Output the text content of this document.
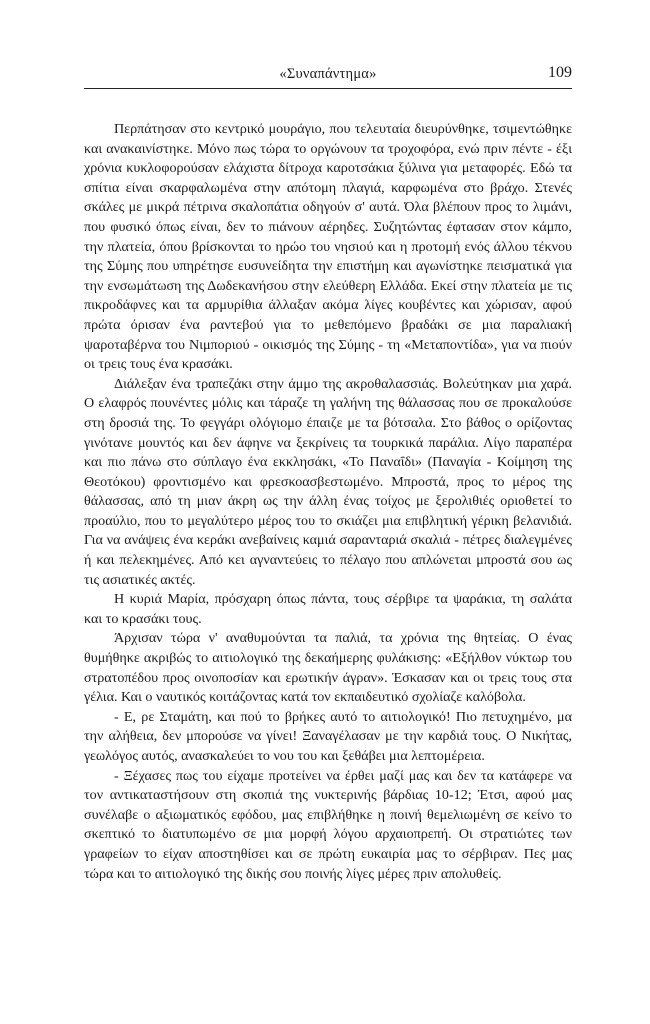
«Συναπάντημα»	109

Περπάτησαν στο κεντρικό μουράγιο, που τελευταία διευρύνθηκε, τσιμεντώθηκε και ανακαινίστηκε. Μόνο πως τώρα το οργώνουν τα τροχοφόρα, ενώ πριν πέντε - έξι χρόνια κυκλοφορούσαν ελάχιστα δίτροχα καροτσάκια ξύλινα για μεταφορές. Εδώ τα σπίτια είναι σκαρφαλωμένα στην απότομη πλαγιά, καρφωμένα στο βράχο. Στενές σκάλες με μικρά πέτρινα σκαλοπάτια οδηγούν σ' αυτά. Όλα βλέπουν προς το λιμάνι, που φυσικό όπως είναι, δεν το πιάνουν αέρηδες. Συζητώντας έφτασαν στον κάμπο, την πλατεία, όπου βρίσκονται το ηρώο του νησιού και η προτομή ενός άλλου τέκνου της Σύμης που υπηρέτησε ευσυνείδητα την επιστήμη και αγωνίστηκε πεισματικά για την ενσωμάτωση της Δωδεκανήσου στην ελεύθερη Ελλάδα. Εκεί στην πλατεία με τις πικροδάφνες και τα αρμυρίθια άλλαξαν ακόμα λίγες κουβέντες και χώρισαν, αφού πρώτα όρισαν ένα ραντεβού για το μεθεπόμενο βραδάκι σε μια παραλιακή ψαροταβέρνα του Νιμποριού - οικισμός της Σύμης - τη «Μεταποντίδα», για να πιούν οι τρεις τους ένα κρασάκι.

Διάλεξαν ένα τραπεζάκι στην άμμο της ακροθαλασσιάς. Βολεύτηκαν μια χαρά. Ο ελαφρός πουνέντες μόλις και τάραζε τη γαλήνη της θάλασσας που σε προκαλούσε στη δροσιά της. Το φεγγάρι ολόγιομο έπαιζε με τα βότσαλα. Στο βάθος ο ορίζοντας γινότανε μουντός και δεν άφηνε να ξεκρίνεις τα τουρκικά παράλια. Λίγο παραπέρα και πιο πάνω στο σύπλαγο ένα εκκλησάκι, «Το Παναΐδι» (Παναγία - Κοίμηση της Θεοτόκου) φροντισμένο και φρεσκοασβεστωμένο. Μπροστά, προς το μέρος της θάλασσας, από τη μιαν άκρη ως την άλλη ένας τοίχος με ξερολιθιές οριοθετεί το προαύλιο, που το μεγαλύτερο μέρος του το σκιάζει μια επιβλητική γέρικη βελανιδιά. Για να ανάψεις ένα κεράκι ανεβαίνεις καμιά σαρανταριά σκαλιά - πέτρες διαλεγμένες ή και πελεκημένες. Από κει αγναντεύεις το πέλαγο που απλώνεται μπροστά σου ως τις ασιατικές ακτές.

Η κυριά Μαρία, πρόσχαρη όπως πάντα, τους σέρβιρε τα ψαράκια, τη σαλάτα και το κρασάκι τους.

Άρχισαν τώρα ν' αναθυμούνται τα παλιά, τα χρόνια της θητείας. Ο ένας θυμήθηκε ακριβώς το αιτιολογικό της δεκαήμερης φυλάκισης: «Εξήλθον νύκτωρ του στρατοπέδου προς οινοποσίαν και ερωτικήν άγραν». Έσκασαν και οι τρεις τους στα γέλια. Και ο ναυτικός κοιτάζοντας κατά τον εκπαιδευτικό σχολίαζε καλόβολα.

- Ε, ρε Σταμάτη, και πού το βρήκες αυτό το αιτιολογικό! Πιο πετυχημένο, μα την αλήθεια, δεν μπορούσε να γίνει! Ξαναγέλασαν με την καρδιά τους. Ο Νικήτας, γεωλόγος αυτός, ανασκαλεύει το νου του και ξεθάβει μια λεπτομέρεια.

- Ξέχασες πως του είχαμε προτείνει να έρθει μαζί μας και δεν τα κατάφερε να τον αντικαταστήσουν στη σκοπιά της νυκτερινής βάρδιας 10-12; Έτσι, αφού μας συνέλαβε ο αξιωματικός εφόδου, μας επιβλήθηκε η ποινή θεμελιωμένη σε κείνο το σκεπτικό το διατυπωμένο σε μια μορφή λόγου αρχαιοπρεπή. Οι στρατιώτες των γραφείων το είχαν αποστηθίσει και σε πρώτη ευκαιρία μας το σέρβιραν. Πες μας τώρα και το αιτιολογικό της δικής σου ποινής λίγες μέρες πριν απολυθείς.
